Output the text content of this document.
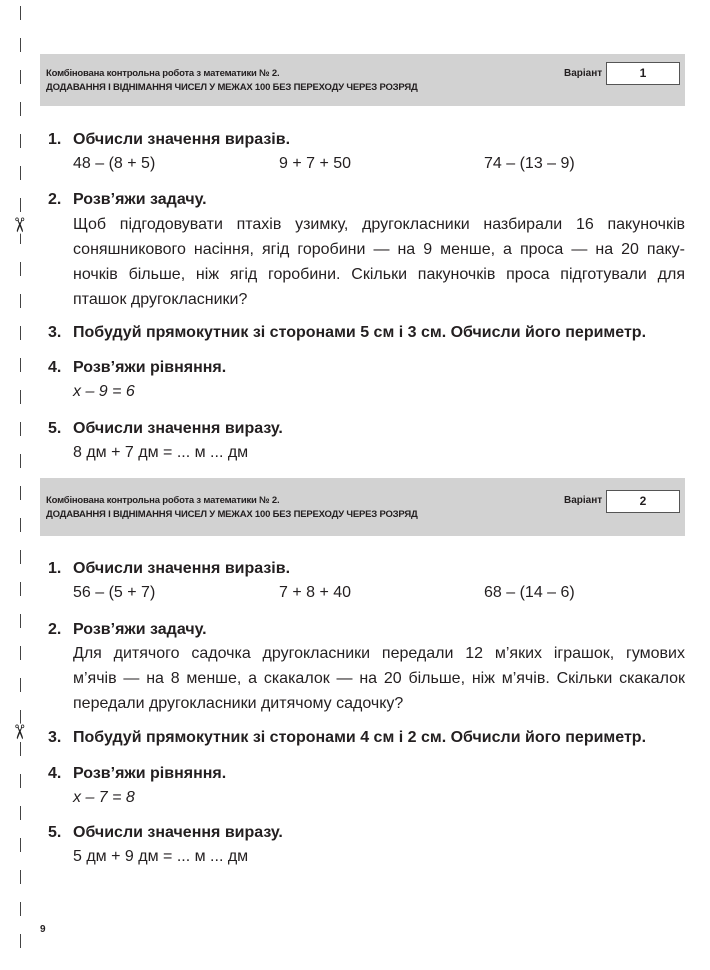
✂
✂
Комбінована контрольна робота з математики № 2.
ДОДАВАННЯ І ВІДНІМАННЯ ЧИСЕЛ У МЕЖАХ 100 БЕЗ ПЕРЕХОДУ ЧЕРЕЗ РОЗРЯД
Варіант	1
1. Обчисли значення виразів.
48 – (8 + 5)	9 + 7 + 50	74 – (13 – 9)
2. Розв’яжи задачу.
Щоб підгодовувати птахів узимку, другокласники назбирали 16 пакуночків
соняшникового насіння, ягід горобини — на 9 менше, а проса — на 20 паку-
ночків більше, ніж ягід горобини. Скільки пакуночків проса підготували для
пташок другокласники?
3. Побудуй прямокутник зі сторонами 5 см і 3 см. Обчисли його периметр.
4. Розв’яжи рівняння.
x – 9 = 6
5. Обчисли значення виразу.
8 дм + 7 дм = ... м ... дм
Комбінована контрольна робота з математики № 2.
ДОДАВАННЯ І ВІДНІМАННЯ ЧИСЕЛ У МЕЖАХ 100 БЕЗ ПЕРЕХОДУ ЧЕРЕЗ РОЗРЯД
Варіант	2
1. Обчисли значення виразів.
56 – (5 + 7)	7 + 8 + 40	68 – (14 – 6)
2. Розв’яжи задачу.
Для дитячого садочка другокласники передали 12 м’яких іграшок, гумових
м’ячів — на 8 менше, а скакалок — на 20 більше, ніж м’ячів. Скільки скакалок
передали другокласники дитячому садочку?
3. Побудуй прямокутник зі сторонами 4 см і 2 см. Обчисли його периметр.
4. Розв’яжи рівняння.
x – 7 = 8
5. Обчисли значення виразу.
5 дм + 9 дм = ... м ... дм
9
